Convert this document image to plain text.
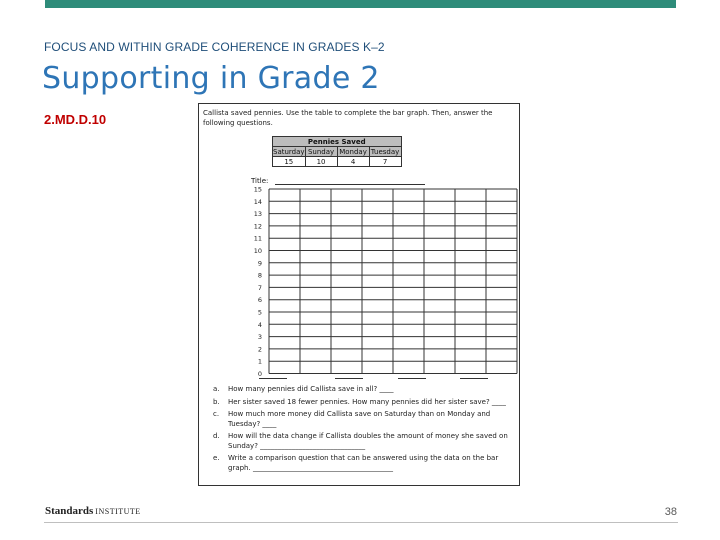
FOCUS AND WITHIN GRADE COHERENCE IN GRADES K–2
Supporting in Grade 2
2.MD.D.10	Callista saved pennies. Use the table to complete the bar graph. Then, answer the following questions.
Pennies Saved			
Saturday	Sunday	Monday	Tuesday
15	10	4	7
Title:
15
14
13
12
11
10
9
8
7
6
5
4
3
2
1
0
a. How many pennies did Callista save in all? ____
b. Her sister saved 18 fewer pennies. How many pennies did her sister save? ____
c. How much more money did Callista save on Saturday than on Monday and Tuesday? ____
d. How will the data change if Callista doubles the amount of money she saved on Sunday? ______________________________
e. Write a comparison question that can be answered using the data on the bar graph. ________________________________________
Standards INSTITUTE	38
